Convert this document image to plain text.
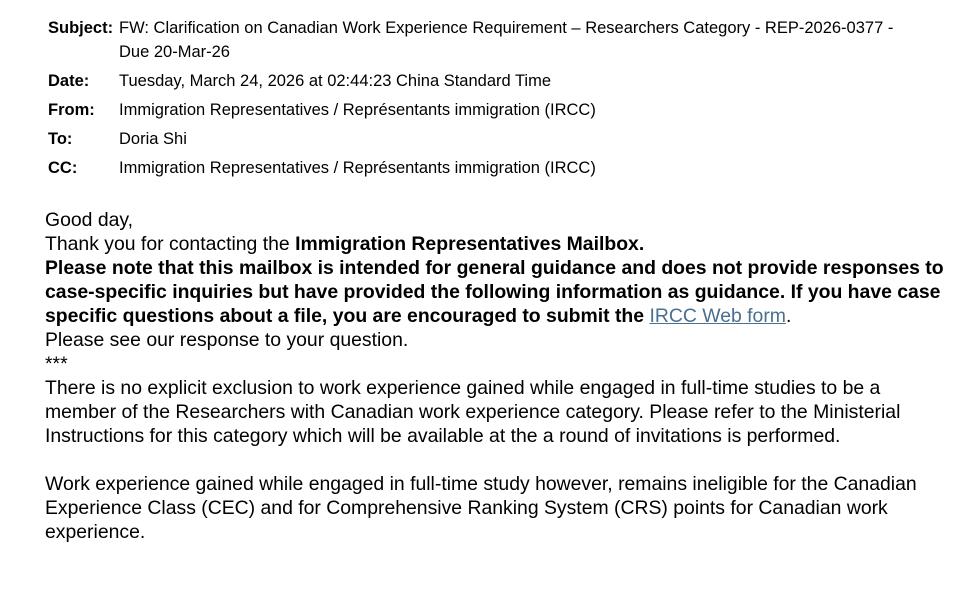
Subject: FW: Clarification on Canadian Work Experience Requirement – Researchers Category - REP-2026-0377 - Due 20-Mar-26
Date:	Tuesday, March 24, 2026 at 02:44:23 China Standard Time
From:	Immigration Representatives / Représentants immigration (IRCC)
To:	Doria Shi
CC:	Immigration Representatives / Représentants immigration (IRCC)

Good day,

Thank you for contacting the Immigration Representatives Mailbox.

Please note that this mailbox is intended for general guidance and does not provide responses to case-specific inquiries but have provided the following information as guidance. If you have case specific questions about a file, you are encouraged to submit the IRCC Web form.

Please see our response to your question.

***

There is no explicit exclusion to work experience gained while engaged in full-time studies to be a member of the Researchers with Canadian work experience category. Please refer to the Ministerial Instructions for this category which will be available at the a round of invitations is performed.

Work experience gained while engaged in full-time study however, remains ineligible for the Canadian Experience Class (CEC) and for Comprehensive Ranking System (CRS) points for Canadian work experience.
